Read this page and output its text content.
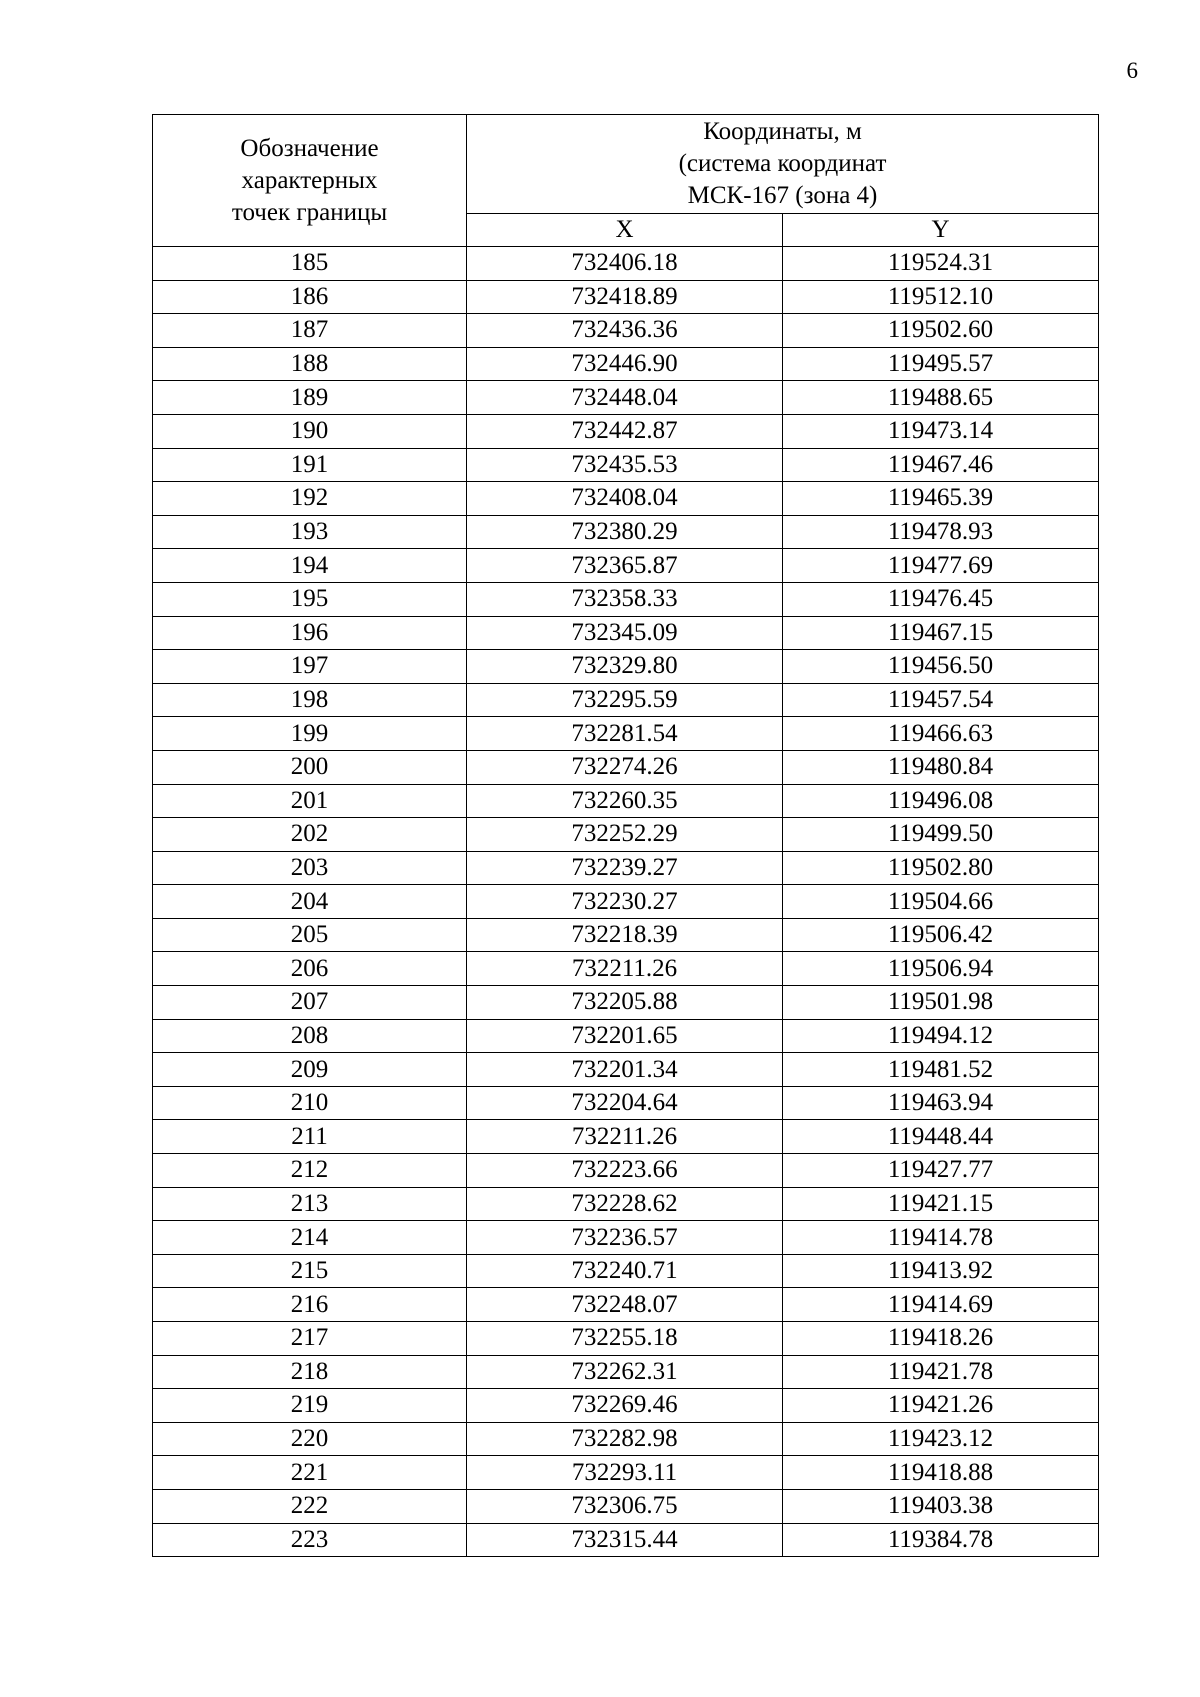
6
Обозначение
характерных
точек границы	Координаты, м
(система координат
МСК-167 (зона 4)	

	X	Y
185	732406.18	119524.31
186	732418.89	119512.10
187	732436.36	119502.60
188	732446.90	119495.57
189	732448.04	119488.65
190	732442.87	119473.14
191	732435.53	119467.46
192	732408.04	119465.39
193	732380.29	119478.93
194	732365.87	119477.69
195	732358.33	119476.45
196	732345.09	119467.15
197	732329.80	119456.50
198	732295.59	119457.54
199	732281.54	119466.63
200	732274.26	119480.84
201	732260.35	119496.08
202	732252.29	119499.50
203	732239.27	119502.80
204	732230.27	119504.66
205	732218.39	119506.42
206	732211.26	119506.94
207	732205.88	119501.98
208	732201.65	119494.12
209	732201.34	119481.52
210	732204.64	119463.94
211	732211.26	119448.44
212	732223.66	119427.77
213	732228.62	119421.15
214	732236.57	119414.78
215	732240.71	119413.92
216	732248.07	119414.69
217	732255.18	119418.26
218	732262.31	119421.78
219	732269.46	119421.26
220	732282.98	119423.12
221	732293.11	119418.88
222	732306.75	119403.38
223	732315.44	119384.78
